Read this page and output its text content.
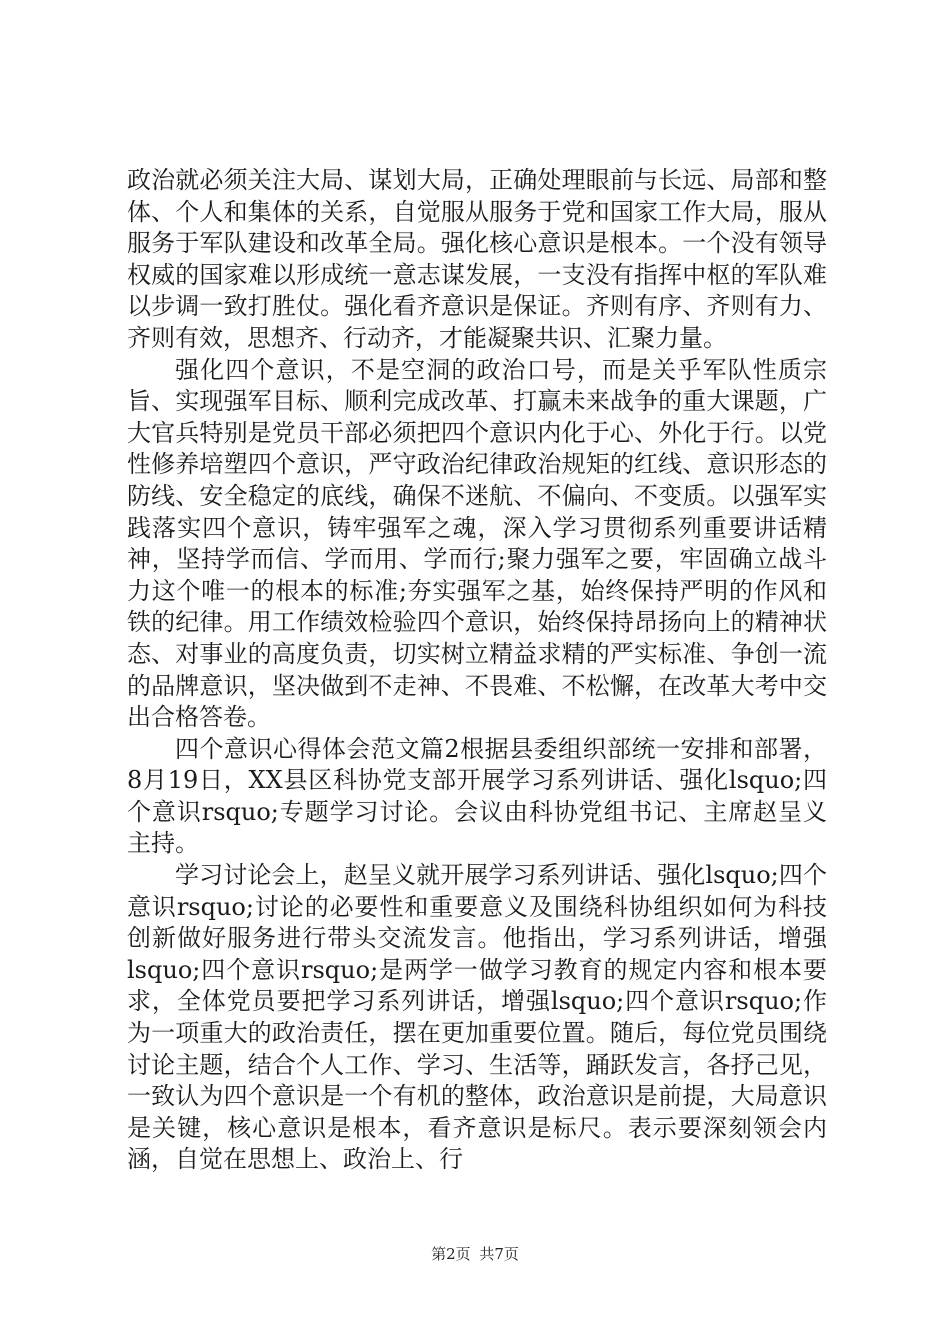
政治就必须关注大局、谋划大局，正确处理眼前与长远、局部和整体、个人和集体的关系，自觉服从服务于党和国家工作大局，服从服务于军队建设和改革全局。强化核心意识是根本。一个没有领导权威的国家难以形成统一意志谋发展，一支没有指挥中枢的军队难以步调一致打胜仗。强化看齐意识是保证。齐则有序、齐则有力、齐则有效，思想齐、行动齐，才能凝聚共识、汇聚力量。

强化四个意识，不是空洞的政治口号，而是关乎军队性质宗旨、实现强军目标、顺利完成改革、打赢未来战争的重大课题，广大官兵特别是党员干部必须把四个意识内化于心、外化于行。以党性修养培塑四个意识，严守政治纪律政治规矩的红线、意识形态的防线、安全稳定的底线，确保不迷航、不偏向、不变质。以强军实践落实四个意识，铸牢强军之魂，深入学习贯彻系列重要讲话精神，坚持学而信、学而用、学而行;聚力强军之要，牢固确立战斗力这个唯一的根本的标准;夯实强军之基，始终保持严明的作风和铁的纪律。用工作绩效检验四个意识，始终保持昂扬向上的精神状态、对事业的高度负责，切实树立精益求精的严实标准、争创一流的品牌意识，坚决做到不走神、不畏难、不松懈，在改革大考中交出合格答卷。

四个意识心得体会范文篇2根据县委组织部统一安排和部署，8月19日，XX县区科协党支部开展学习系列讲话、强化lsquo;四个意识rsquo;专题学习讨论。会议由科协党组书记、主席赵呈义主持。

学习讨论会上，赵呈义就开展学习系列讲话、强化lsquo;四个意识rsquo;讨论的必要性和重要意义及围绕科协组织如何为科技创新做好服务进行带头交流发言。他指出，学习系列讲话，增强lsquo;四个意识rsquo;是两学一做学习教育的规定内容和根本要求，全体党员要把学习系列讲话，增强lsquo;四个意识rsquo;作为一项重大的政治责任，摆在更加重要位置。随后，每位党员围绕讨论主题，结合个人工作、学习、生活等，踊跃发言，各抒己见，一致认为四个意识是一个有机的整体，政治意识是前提，大局意识是关键，核心意识是根本，看齐意识是标尺。表示要深刻领会内涵，自觉在思想上、政治上、行

第2页 共7页
